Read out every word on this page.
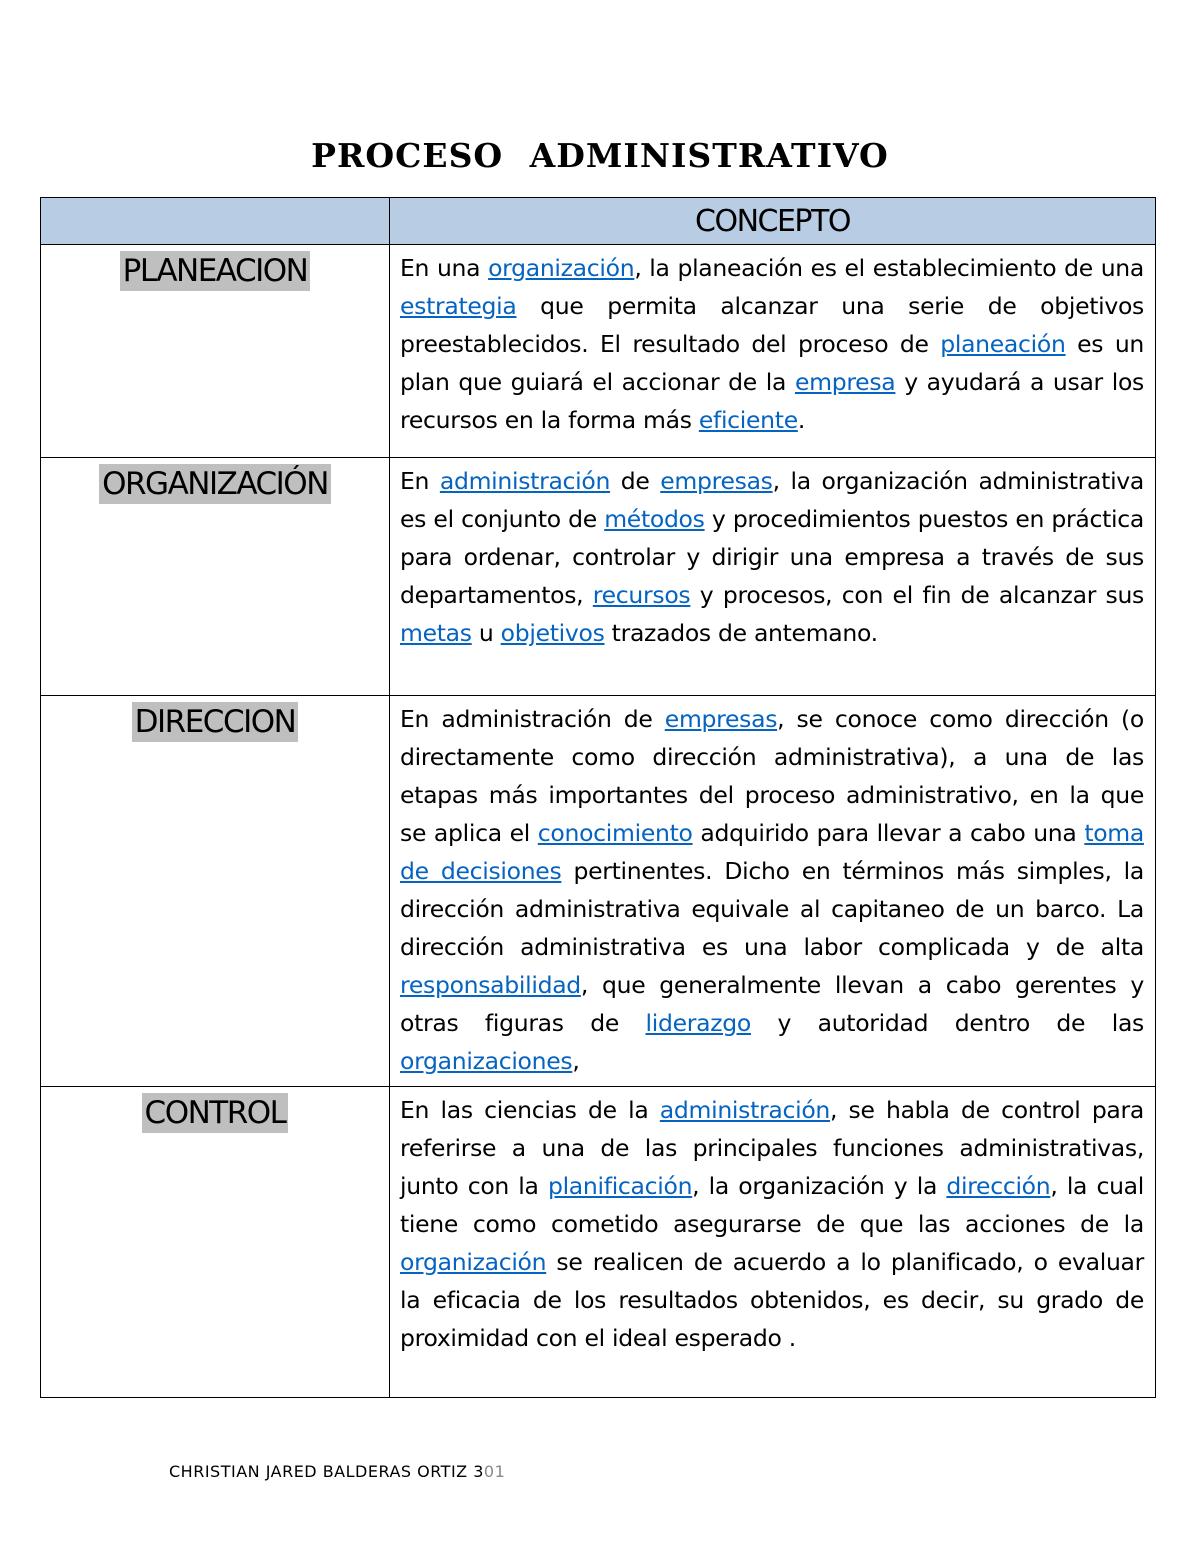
PROCESO ADMINISTRATIVO
	CONCEPTO
PLANEACION	En una organización, la planeación es el establecimiento de una estrategia que permita alcanzar una serie de objetivos preestablecidos. El resultado del proceso de planeación es un plan que guiará el accionar de la empresa y ayudará a usar los recursos en la forma más eficiente.

ORGANIZACIÓN	En administración de empresas, la organización administrativa es el conjunto de métodos y procedimientos puestos en práctica para ordenar, controlar y dirigir una empresa a través de sus departamentos, recursos y procesos, con el fin de alcanzar sus metas u objetivos trazados de antemano.

DIRECCION	En administración de empresas, se conoce como dirección (o directamente como dirección administrativa), a una de las etapas más importantes del proceso administrativo, en la que se aplica el conocimiento adquirido para llevar a cabo una toma de decisiones pertinentes. Dicho en términos más simples, la dirección administrativa equivale al capitaneo de un barco. La dirección administrativa es una labor complicada y de alta responsabilidad, que generalmente llevan a cabo gerentes y otras figuras de liderazgo y autoridad dentro de las organizaciones,

CONTROL	En las ciencias de la administración, se habla de control para referirse a una de las principales funciones administrativas, junto con la planificación, la organización y la dirección, la cual tiene como cometido asegurarse de que las acciones de la organización se realicen de acuerdo a lo planificado, o evaluar la eficacia de los resultados obtenidos, es decir, su grado de proximidad con el ideal esperado .
CHRISTIAN JARED BALDERAS ORTIZ 301
